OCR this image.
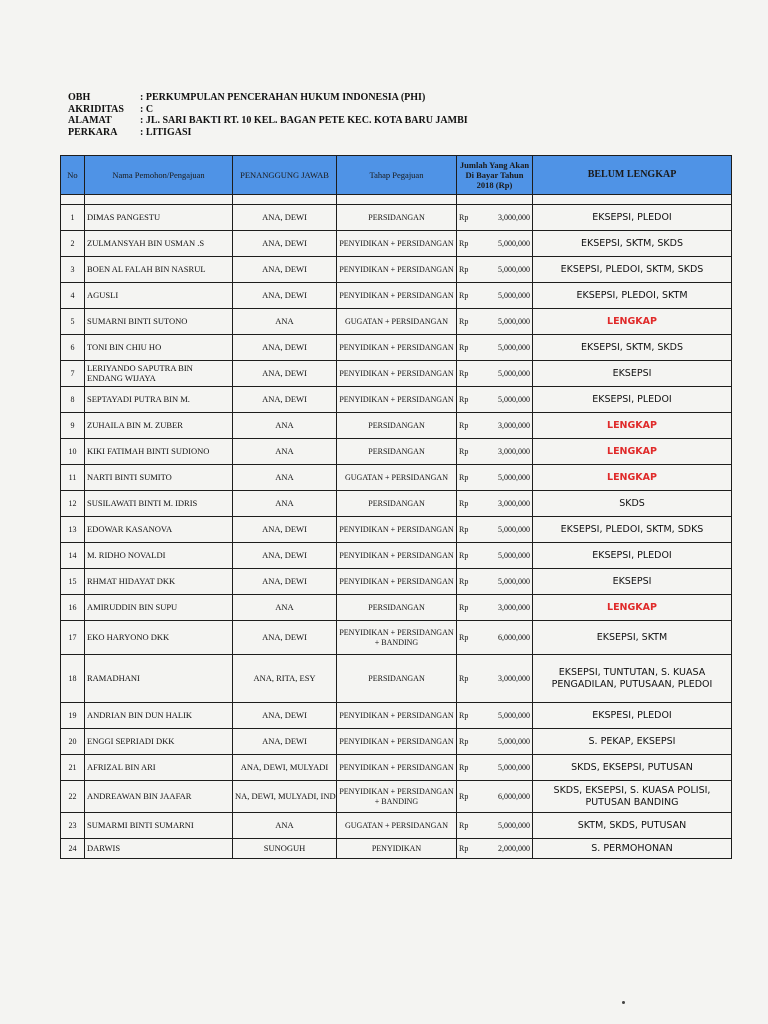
OBH	: PERKUMPULAN PENCERAHAN HUKUM INDONESIA (PHI)
AKRIDITAS	: C
ALAMAT	: JL. SARI BAKTI RT. 10 KEL. BAGAN PETE KEC. KOTA BARU JAMBI
PERKARA	: LITIGASI
No	Nama Pemohon/Pengajuan	PENANGGUNG JAWAB	Tahap Pegajuan	Jumlah Yang Akan Di Bayar Tahun 2018 (Rp)	BELUM LENGKAP

1	DIMAS PANGESTU	ANA, DEWI	PERSIDANGAN	Rp 3,000,000	EKSEPSI, PLEDOI
2	ZULMANSYAH BIN USMAN .S	ANA, DEWI	PENYIDIKAN + PERSIDANGAN	Rp 5,000,000	EKSEPSI, SKTM, SKDS
3	BOEN AL FALAH BIN NASRUL	ANA, DEWI	PENYIDIKAN + PERSIDANGAN	Rp 5,000,000	EKSEPSI, PLEDOI, SKTM, SKDS
4	AGUSLI	ANA, DEWI	PENYIDIKAN + PERSIDANGAN	Rp 5,000,000	EKSEPSI, PLEDOI, SKTM
5	SUMARNI BINTI SUTONO	ANA	GUGATAN + PERSIDANGAN	Rp 5,000,000	LENGKAP
6	TONI BIN CHIU HO	ANA, DEWI	PENYIDIKAN + PERSIDANGAN	Rp 5,000,000	EKSEPSI, SKTM, SKDS
7	LERIYANDO SAPUTRA BIN ENDANG WIJAYA	ANA, DEWI	PENYIDIKAN + PERSIDANGAN	Rp 5,000,000	EKSEPSI
8	SEPTAYADI PUTRA BIN M.	ANA, DEWI	PENYIDIKAN + PERSIDANGAN	Rp 5,000,000	EKSEPSI, PLEDOI
9	ZUHAILA BIN M. ZUBER	ANA	PERSIDANGAN	Rp 3,000,000	LENGKAP
10	KIKI FATIMAH BINTI SUDIONO	ANA	PERSIDANGAN	Rp 3,000,000	LENGKAP
11	NARTI BINTI SUMITO	ANA	GUGATAN + PERSIDANGAN	Rp 5,000,000	LENGKAP
12	SUSILAWATI BINTI M. IDRIS	ANA	PERSIDANGAN	Rp 3,000,000	SKDS
13	EDOWAR KASANOVA	ANA, DEWI	PENYIDIKAN + PERSIDANGAN	Rp 5,000,000	EKSEPSI, PLEDOI, SKTM, SDKS
14	M. RIDHO NOVALDI	ANA, DEWI	PENYIDIKAN + PERSIDANGAN	Rp 5,000,000	EKSEPSI, PLEDOI
15	RHMAT HIDAYAT DKK	ANA, DEWI	PENYIDIKAN + PERSIDANGAN	Rp 5,000,000	EKSEPSI
16	AMIRUDDIN BIN SUPU	ANA	PERSIDANGAN	Rp 3,000,000	LENGKAP
17	EKO HARYONO DKK	ANA, DEWI	PENYIDIKAN + PERSIDANGAN + BANDING	Rp 6,000,000	EKSEPSI, SKTM
18	RAMADHANI	ANA, RITA, ESY	PERSIDANGAN	Rp 3,000,000	EKSEPSI, TUNTUTAN, S. KUASA PENGADILAN, PUTUSAAN, PLEDOI
19	ANDRIAN BIN DUN HALIK	ANA, DEWI	PENYIDIKAN + PERSIDANGAN	Rp 5,000,000	EKSPESI, PLEDOI
20	ENGGI SEPRIADI DKK	ANA, DEWI	PENYIDIKAN + PERSIDANGAN	Rp 5,000,000	S. PEKAP, EKSEPSI
21	AFRIZAL BIN ARI	ANA, DEWI, MULYADI	PENYIDIKAN + PERSIDANGAN	Rp 5,000,000	SKDS, EKSEPSI, PUTUSAN
22	ANDREAWAN BIN JAAFAR	NA, DEWI, MULYADI, IND	PENYIDIKAN + PERSIDANGAN + BANDING	Rp 6,000,000	SKDS, EKSEPSI, S. KUASA POLISI, PUTUSAN BANDING
23	SUMARMI BINTI SUMARNI	ANA	GUGATAN + PERSIDANGAN	Rp 5,000,000	SKTM, SKDS, PUTUSAN
24	DARWIS	SUNOGUH	PENYIDIKAN	Rp 2,000,000	S. PERMOHONAN
